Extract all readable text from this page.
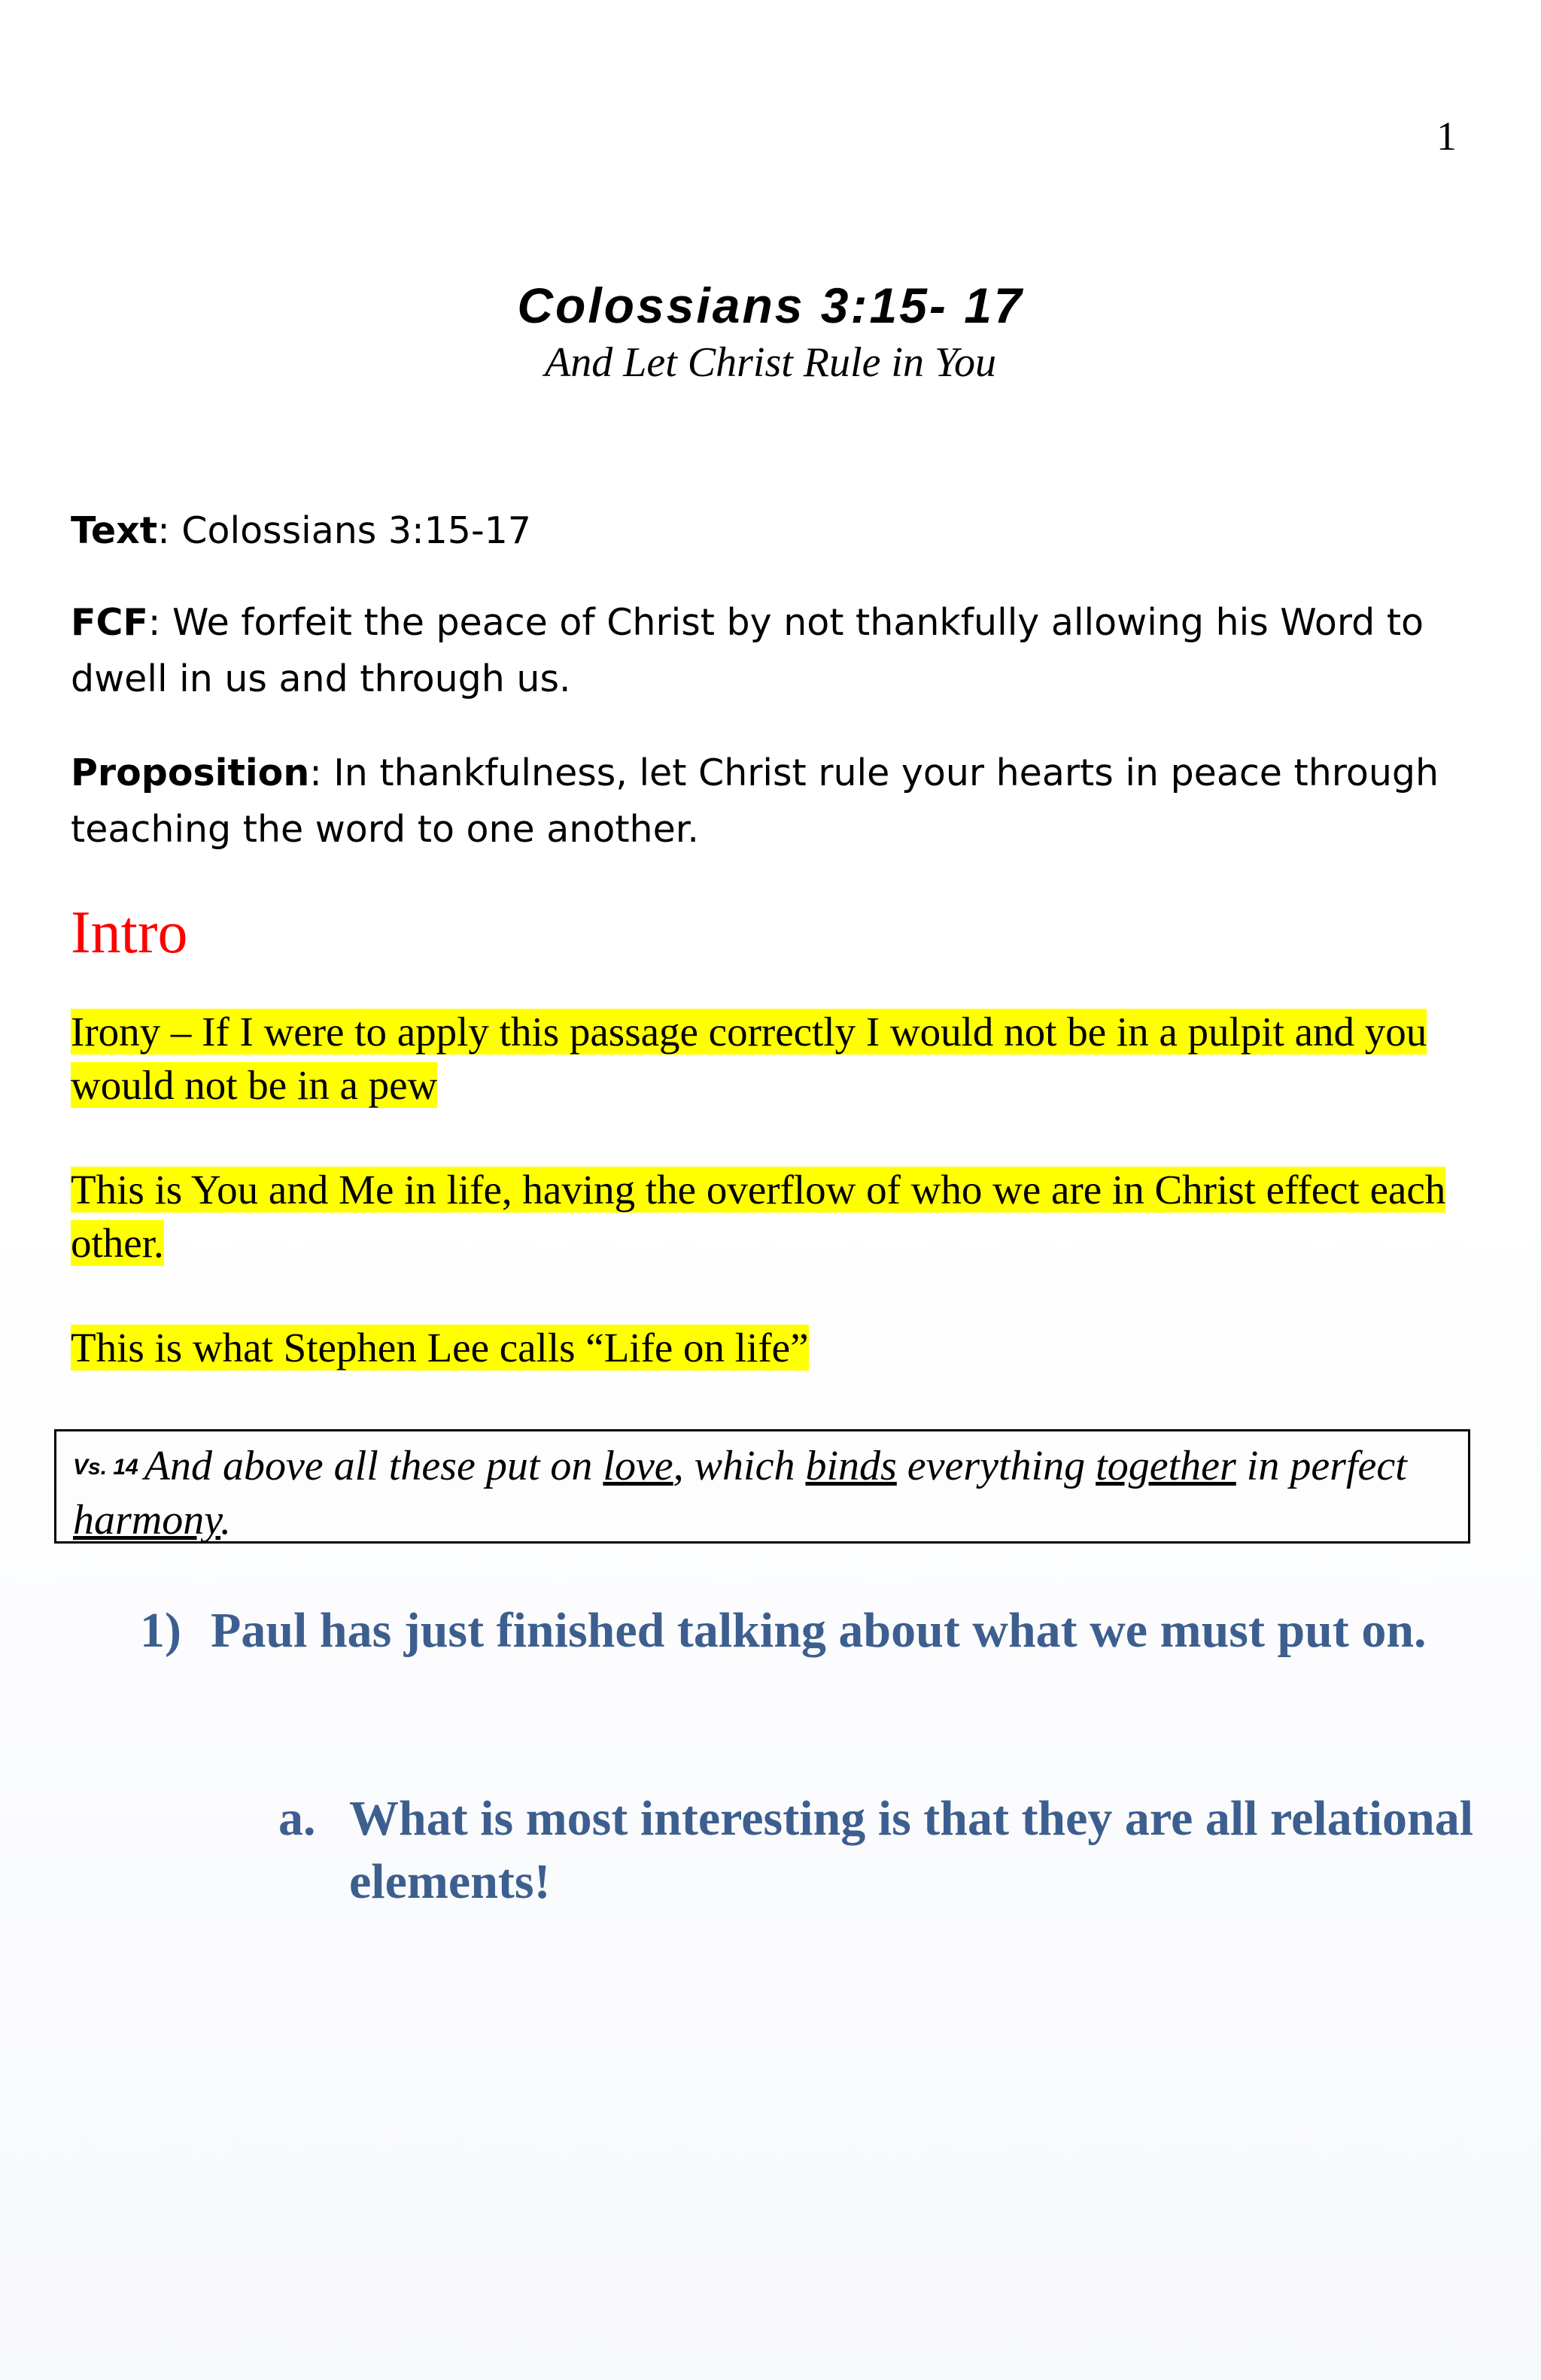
1
Colossians 3:15- 17
And Let Christ Rule in You
Text: Colossians 3:15-17
FCF: We forfeit the peace of Christ by not thankfully allowing his Word to dwell in us and through us.
Proposition: In thankfulness, let Christ rule your hearts in peace through teaching the word to one another.
Intro
Irony – If I were to apply this passage correctly I would not be in a pulpit and you would not be in a pew
This is You and Me in life, having the overflow of who we are in Christ effect each other.
This is what Stephen Lee calls “Life on life”
$^{Vs. 14}$ And above all these put on love, which binds everything together in perfect harmony.
1) Paul has just finished talking about what we must put on.
a. What is most interesting is that they are all relational elements!
